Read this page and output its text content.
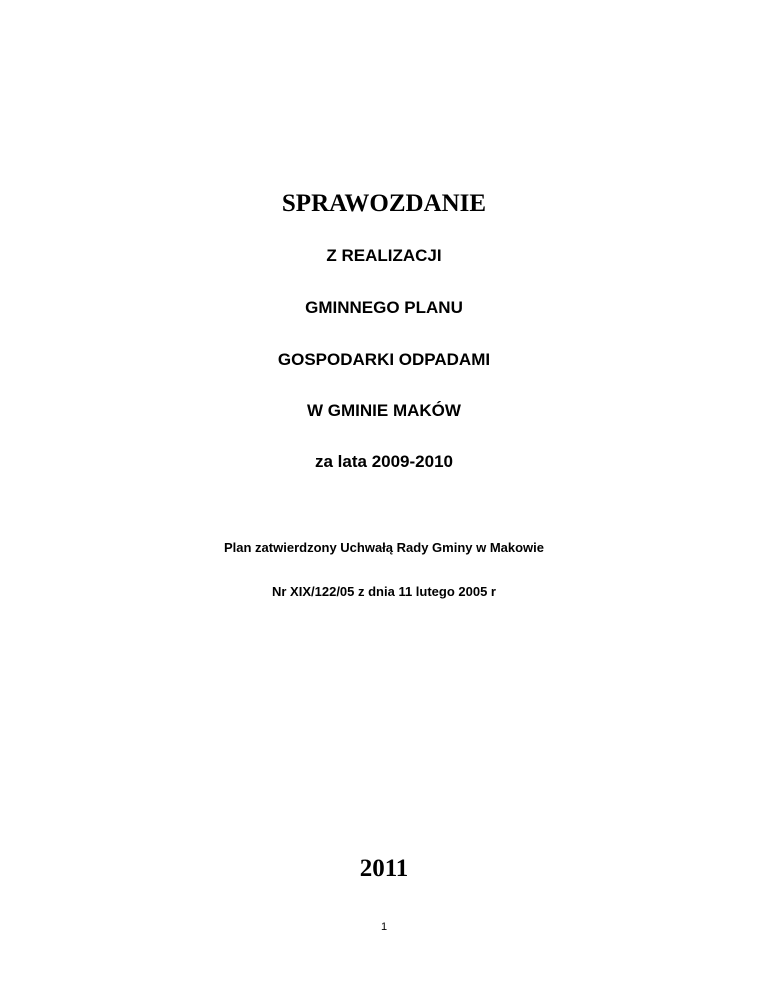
SPRAWOZDANIE
Z REALIZACJI
GMINNEGO PLANU
GOSPODARKI ODPADAMI
W GMINIE MAKÓW
za lata 2009-2010
Plan zatwierdzony Uchwałą Rady Gminy w Makowie
Nr XIX/122/05 z dnia 11 lutego 2005 r
2011
1
